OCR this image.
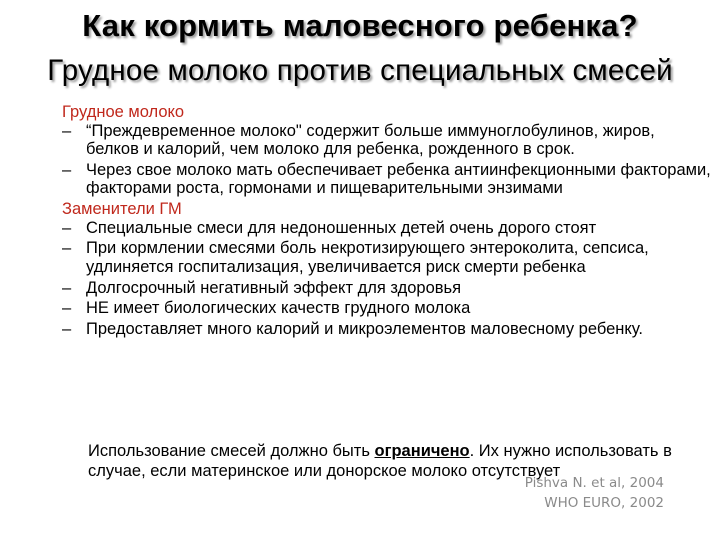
Как кормить маловесного ребенка?
Грудное молоко против специальных смесей

Грудное молоко

– “Преждевременное молоко" содержит больше иммуноглобулинов, жиров, белков и калорий, чем молоко для ребенка, рожденного в срок.

– Через свое молоко мать обеспечивает ребенка антиинфекционными факторами, факторами роста, гормонами и пищеварительными энзимами

Заменители ГМ

– Специальные смеси для недоношенных детей очень дорого стоят

– При кормлении смесями боль некротизирующего энтероколита, сепсиса, удлиняется госпитализация, увеличивается риск смерти ребенка

– Долгосрочный негативный эффект для здоровья

– НЕ имеет биологических качеств грудного молока

– Предоставляет много калорий и микроэлементов маловесному ребенку.

Использование смесей должно быть ограничено. Их нужно использовать в случае, если материнское или донорское молоко отсутствует
Pishva N. et al, 2004
WHO EURO, 2002
